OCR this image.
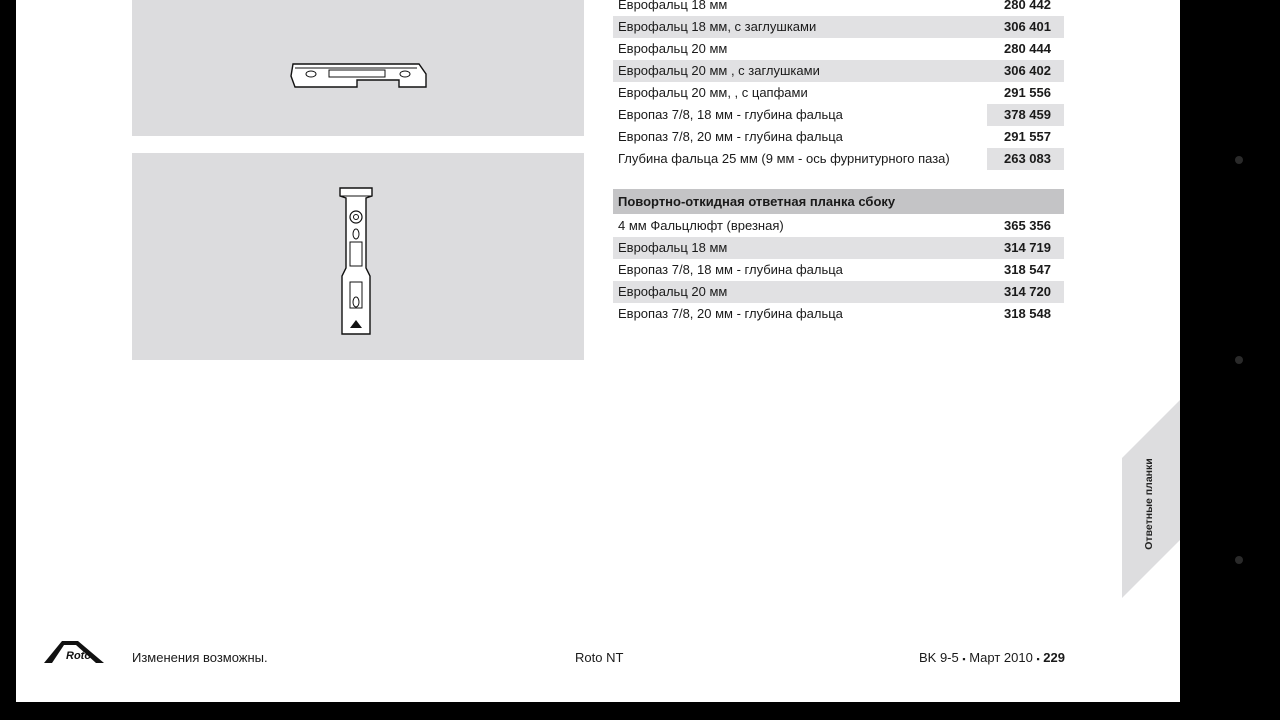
Еврофальц 18 мм	280 442
Еврофальц 18 мм, с заглушками	306 401
Еврофальц 20 мм	280 444
Еврофальц 20 мм , с заглушками	306 402
Еврофальц 20 мм, , с цапфами	291 556
Европаз 7/8, 18 мм - глубина фальца	378 459
Европаз 7/8, 20 мм - глубина фальца	291 557
Глубина фальца 25 мм (9 мм - ось фурнитурного паза)	263 083
Повортно-откидная ответная планка сбоку
4 мм Фальцлюфт (врезная)	365 356
Еврофальц 18 мм	314 719
Европаз 7/8, 18 мм - глубина фальца	318 547
Еврофальц 20 мм	314 720
Европаз 7/8, 20 мм - глубина фальца	318 548
Roto	Изменения возможны.	Roto NT	BK 9-5 ▪ Март 2010 ▪ 229
Ответные планки
